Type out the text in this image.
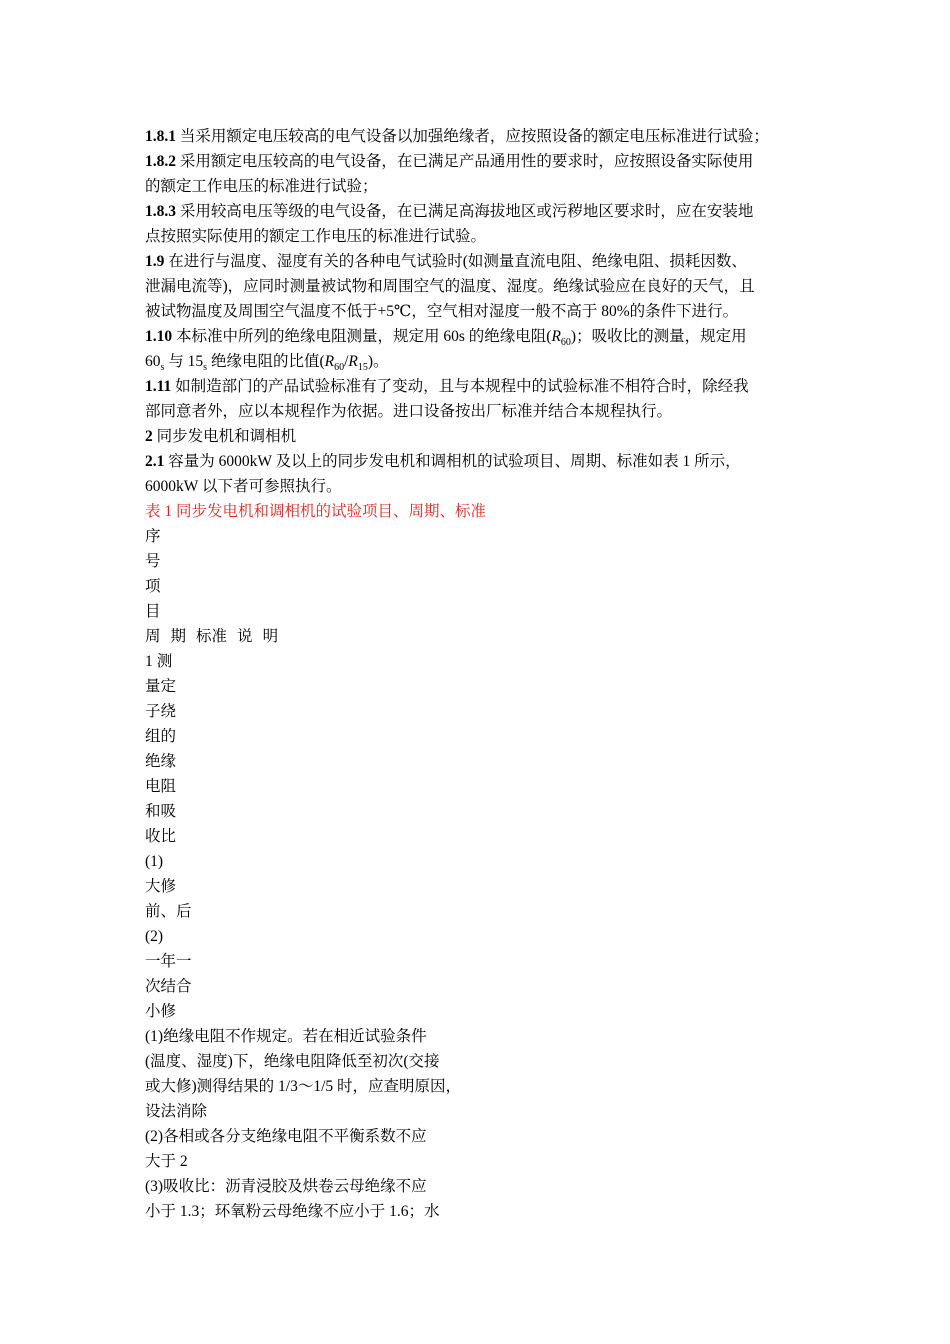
1.8.1 当采用额定电压较高的电气设备以加强绝缘者，应按照设备的额定电压标准进行试验；
1.8.2 采用额定电压较高的电气设备，在已满足产品通用性的要求时，应按照设备实际使用
的额定工作电压的标准进行试验；
1.8.3 采用较高电压等级的电气设备，在已满足高海拔地区或污秽地区要求时，应在安装地
点按照实际使用的额定工作电压的标准进行试验。
1.9 在进行与温度、湿度有关的各种电气试验时(如测量直流电阻、绝缘电阻、损耗因数、
泄漏电流等)，应同时测量被试物和周围空气的温度、湿度。绝缘试验应在良好的天气，且
被试物温度及周围空气温度不低于+5℃，空气相对湿度一般不高于 80%的条件下进行。
1.10 本标准中所列的绝缘电阻测量，规定用 60s 的绝缘电阻$(R_{60})$；吸收比的测量，规定用
$60_s$ 与 $15_s$ 绝缘电阻的比值$(R_{60}/R_{15})$。
1.11 如制造部门的产品试验标准有了变动，且与本规程中的试验标准不相符合时，除经我
部同意者外，应以本规程作为依据。进口设备按出厂标准并结合本规程执行。
2 同步发电机和调相机
2.1 容量为 6000kW 及以上的同步发电机和调相机的试验项目、周期、标准如表 1 所示，
6000kW 以下者可参照执行。
表 1 同步发电机和调相机的试验项目、周期、标准
序
号
项
目
周 期 标准 说 明
1 测
量定
子绕
组的
绝缘
电阻
和吸
收比
(1)
大修
前、后
(2)
一年一
次结合
小修
(1)绝缘电阻不作规定。若在相近试验条件
(温度、湿度)下，绝缘电阻降低至初次(交接
或大修)测得结果的 1/3～1/5 时，应查明原因，
设法消除
(2)各相或各分支绝缘电阻不平衡系数不应
大于 2
(3)吸收比：沥青浸胶及烘卷云母绝缘不应
小于 1.3；环氧粉云母绝缘不应小于 1.6；水
